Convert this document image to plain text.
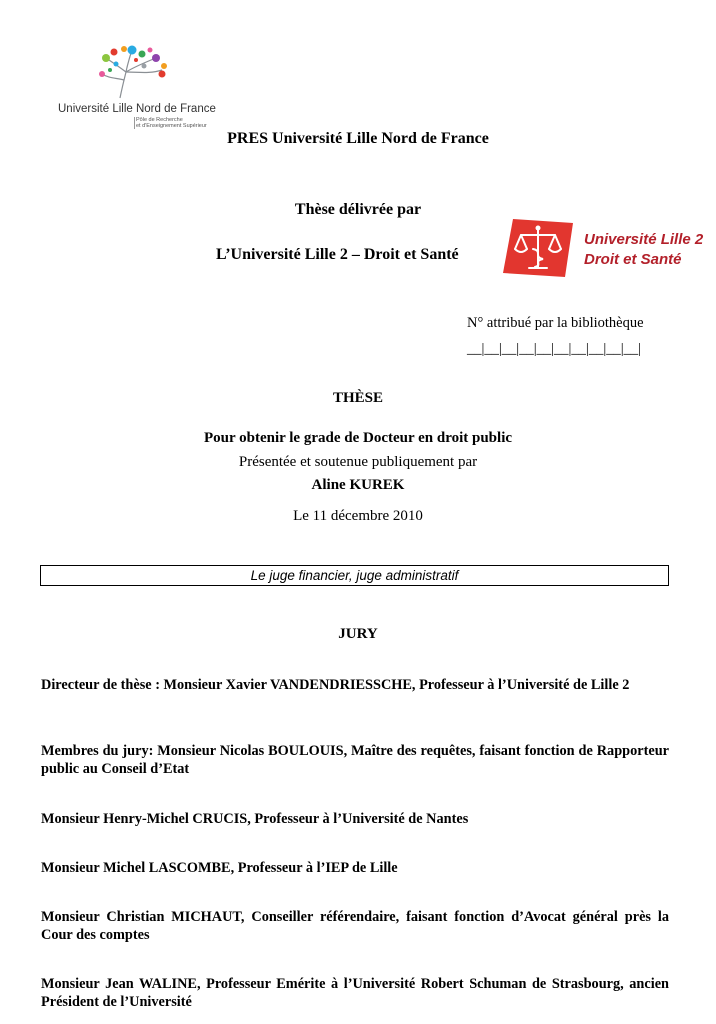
Université Lille Nord de France
Pôle de Recherche
et d'Enseignement Supérieur
PRES Université Lille Nord de France
Thèse délivrée par
L’Université Lille 2 – Droit et Santé
Université Lille 2
Droit et Santé
N° attribué par la bibliothèque
__|__|__|__|__|__|__|__|__|__|
THÈSE
Pour obtenir le grade de Docteur en droit public
Présentée et soutenue publiquement par
Aline KUREK
Le 11 décembre 2010
Le juge financier, juge administratif
JURY
Directeur de thèse : Monsieur Xavier VANDENDRIESSCHE, Professeur à l’Université de Lille 2
Membres du jury: Monsieur Nicolas BOULOUIS, Maître des requêtes, faisant fonction de Rapporteur public au Conseil d’Etat
Monsieur Henry-Michel CRUCIS, Professeur à l’Université de Nantes
Monsieur Michel LASCOMBE, Professeur à l’IEP de Lille
Monsieur Christian MICHAUT, Conseiller référendaire, faisant fonction d’Avocat général près la Cour des comptes
Monsieur Jean WALINE, Professeur Emérite à l’Université Robert Schuman de Strasbourg, ancien Président de l’Université
